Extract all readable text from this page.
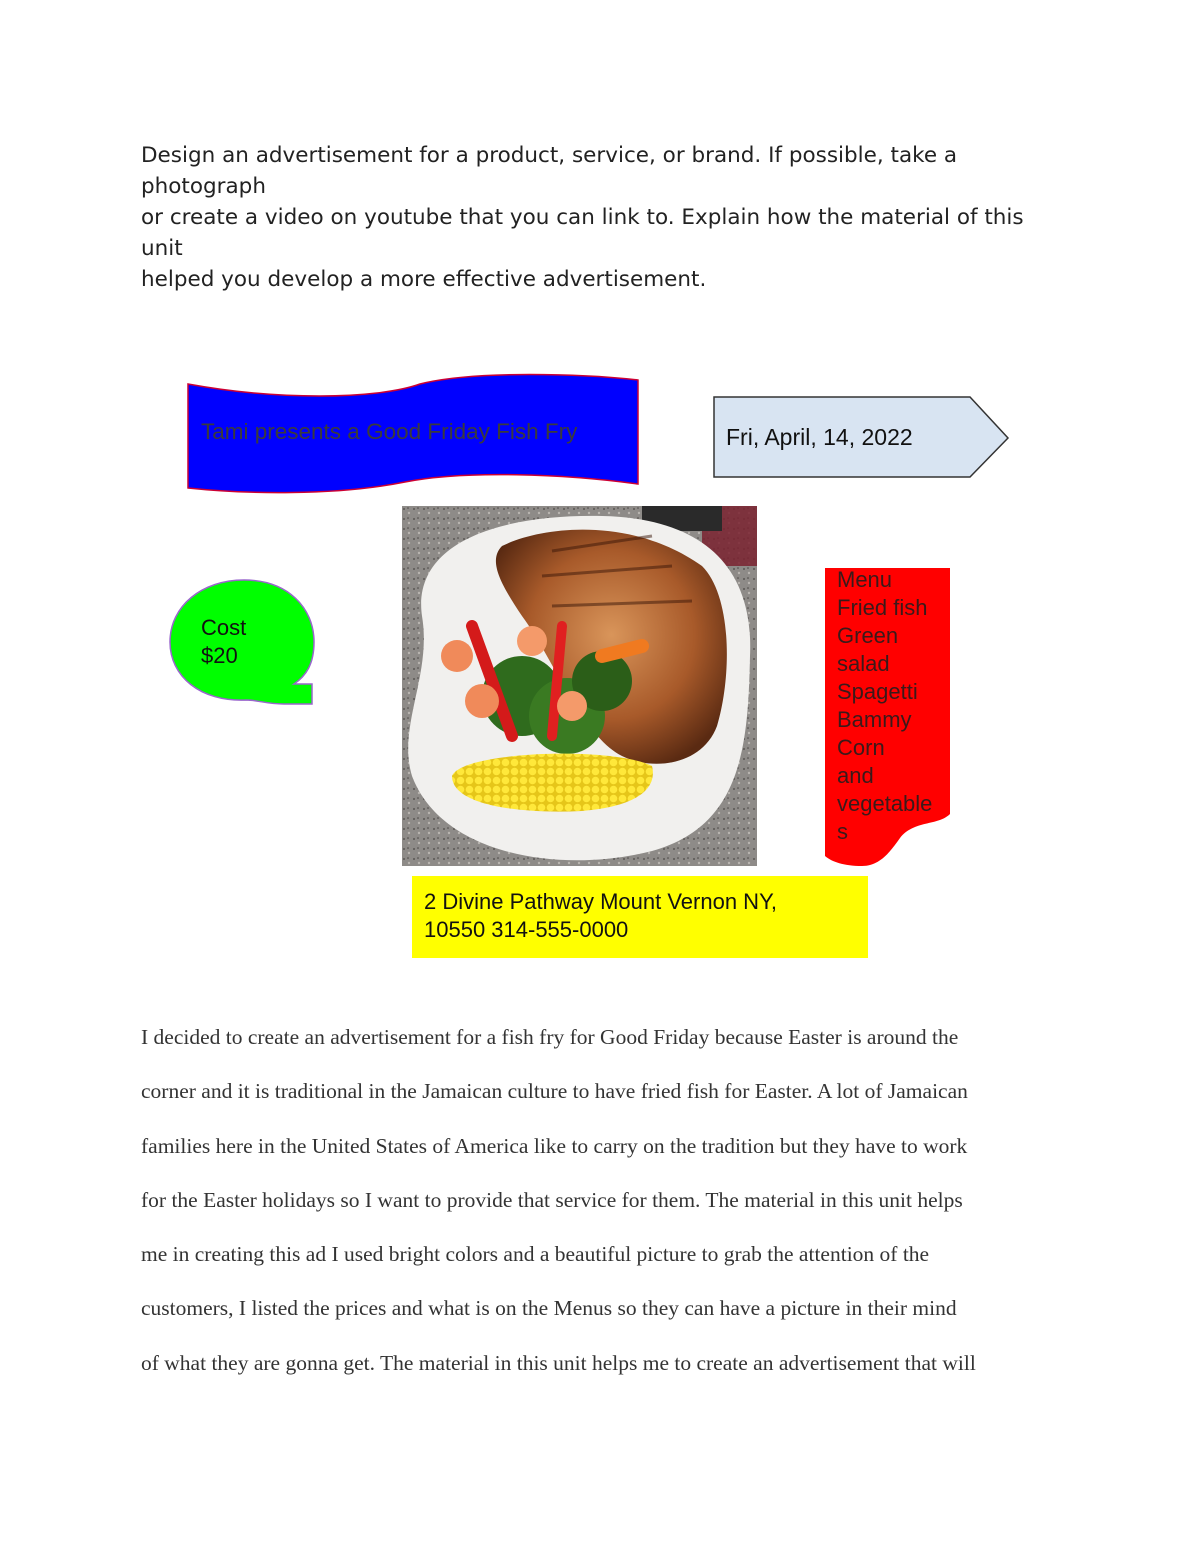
Design an advertisement for a product, service, or brand. If possible, take a photograph
or create a video on youtube that you can link to. Explain how the material of this unit
helped you develop a more effective advertisement.
Tami presents a Good Friday Fish Fry	Fri, April, 14, 2022
Cost
$20
Menu
Fried fish
Green
salad
Spagetti
Bammy
Corn
and
vegetable
s
2 Divine Pathway Mount Vernon NY,
10550 314-555-0000

I decided to create an advertisement for a fish fry for Good Friday because Easter is around the

corner and it is traditional in the Jamaican culture to have fried fish for Easter. A lot of Jamaican

families here in the United States of America like to carry on the tradition but they have to work

for the Easter holidays so I want to provide that service for them. The material in this unit helps

me in creating this ad I used bright colors and a beautiful picture to grab the attention of the

customers, I listed the prices and what is on the Menus so they can have a picture in their mind

of what they are gonna get. The material in this unit helps me to create an advertisement that will
